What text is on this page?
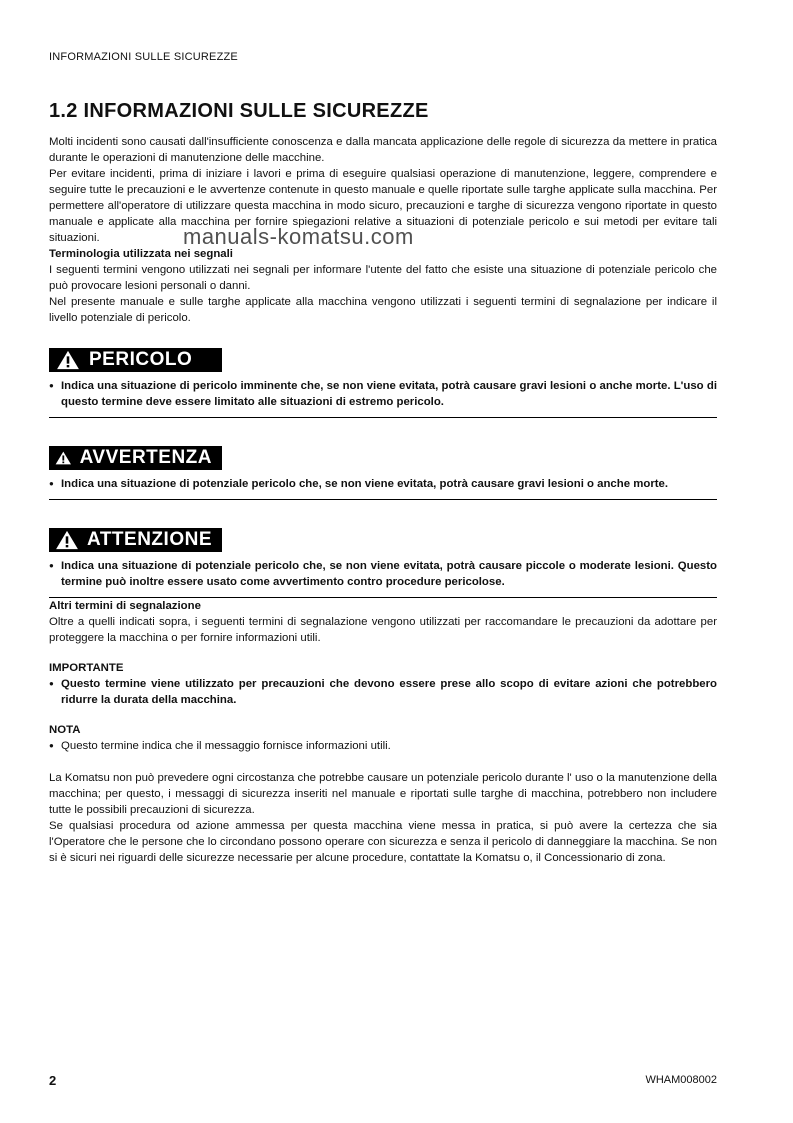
INFORMAZIONI SULLE SICUREZZE
1.2 INFORMAZIONI SULLE SICUREZZE
manuals-komatsu.com

Molti incidenti sono causati dall'insufficiente conoscenza e dalla mancata applicazione delle regole di sicurezza da mettere in pratica durante le operazioni di manutenzione delle macchine.

Per evitare incidenti, prima di iniziare i lavori e prima di eseguire qualsiasi operazione di manutenzione, leggere, comprendere e seguire tutte le precauzioni e le avvertenze contenute in questo manuale e quelle riportate sulle targhe applicate sulla macchina. Per permettere all'operatore di utilizzare questa macchina in modo sicuro, precauzioni e targhe di sicurezza vengono riportate in questo manuale e applicate alla macchina per fornire spiegazioni relative a situazioni di potenziale pericolo e sui metodi per evitare tali situazioni.

Terminologia utilizzata nei segnali

I seguenti termini vengono utilizzati nei segnali per informare l'utente del fatto che esiste una situazione di potenziale pericolo che può provocare lesioni personali o danni.

Nel presente manuale e sulle targhe applicate alla macchina vengono utilizzati i seguenti termini di segnalazione per indicare il livello potenziale di pericolo.

PERICOLO
● Indica una situazione di pericolo imminente che, se non viene evitata, potrà causare gravi lesioni o anche morte. L'uso di questo termine deve essere limitato alle situazioni di estremo pericolo.
AVVERTENZA
● Indica una situazione di potenziale pericolo che, se non viene evitata, potrà causare gravi lesioni o anche morte.
ATTENZIONE
● Indica una situazione di potenziale pericolo che, se non viene evitata, potrà causare piccole o moderate lesioni. Questo termine può inoltre essere usato come avvertimento contro procedure pericolose.

Altri termini di segnalazione

Oltre a quelli indicati sopra, i seguenti termini di segnalazione vengono utilizzati per raccomandare le precauzioni da adottare per proteggere la macchina o per fornire informazioni utili.

IMPORTANTE

● Questo termine viene utilizzato per precauzioni che devono essere prese allo scopo di evitare azioni che potrebbero ridurre la durata della macchina.

NOTA

● Questo termine indica che il messaggio fornisce informazioni utili.

La Komatsu non può prevedere ogni circostanza che potrebbe causare un potenziale pericolo durante l' uso o la manutenzione della macchina; per questo, i messaggi di sicurezza inseriti nel manuale e riportati sulle targhe di macchina, potrebbero non includere tutte le possibili precauzioni di sicurezza.

Se qualsiasi procedura od azione ammessa per questa macchina viene messa in pratica, si può avere la certezza che sia l'Operatore che le persone che lo circondano possono operare con sicurezza e senza il pericolo di danneggiare la macchina. Se non si è sicuri nei riguardi delle sicurezze necessarie per alcune procedure, contattate la Komatsu o, il Concessionario di zona.

2	WHAM008002
